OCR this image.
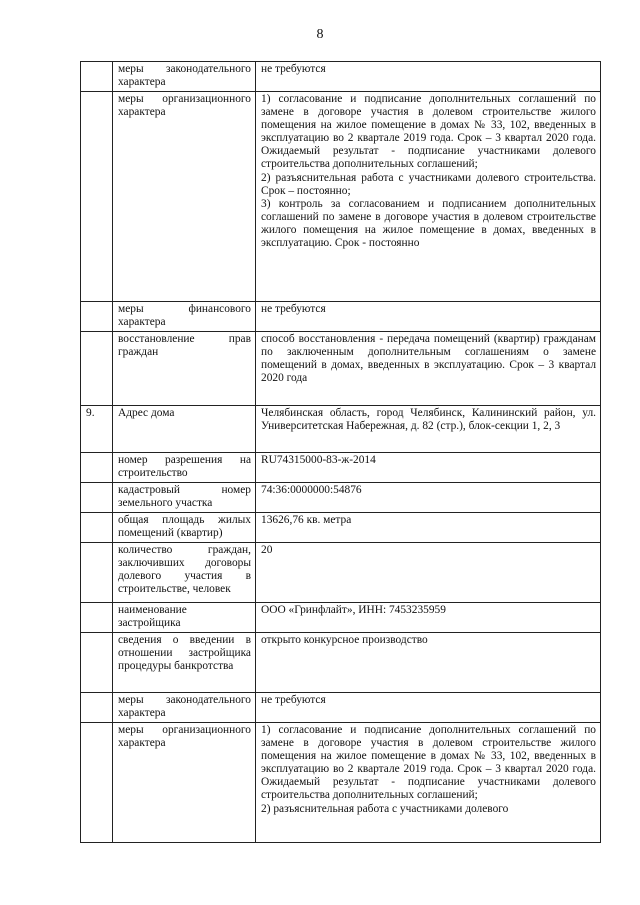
8
	меры законодательного характера	не требуются

	меры организационного характера	1) согласование и подписание дополнительных соглашений по замене в договоре участия в долевом строительстве жилого помещения на жилое помещение в домах № 33, 102, введенных в эксплуатацию во 2 квартале 2019 года. Срок – 3 квартал 2020 года. Ожидаемый результат - подписание участниками долевого строительства дополнительных соглашений;

2) разъяснительная работа с участниками долевого строительства. Срок – постоянно;

3) контроль за согласованием и подписанием дополнительных соглашений по замене в договоре участия в долевом строительстве жилого помещения на жилое помещение в домах, введенных в эксплуатацию. Срок - постоянно

	меры финансового характера	не требуются

	восстановление прав граждан	способ восстановления - передача помещений (квартир) гражданам по заключенным дополнительным соглашениям о замене помещений в домах, введенных в эксплуатацию. Срок – 3 квартал 2020 года

9.	Адрес дома	Челябинская область, город Челябинск, Калининский район, ул. Университетская Набережная, д. 82 (стр.), блок-секции 1, 2, 3

	номер разрешения на строительство	RU74315000-83-ж-2014

	кадастровый номер земельного участка	74:36:0000000:54876

	общая площадь жилых помещений (квартир)	13626,76 кв. метра

	количество граждан, заключивших договоры долевого участия в строительстве, человек	20

	наименование застройщика	ООО «Гринфлайт», ИНН: 7453235959

	сведения о введении в отношении застройщика процедуры банкротства	открыто конкурсное производство

	меры законодательного характера	не требуются

	меры организационного характера	1) согласование и подписание дополнительных соглашений по замене в договоре участия в долевом строительстве жилого помещения на жилое помещение в домах № 33, 102, введенных в эксплуатацию во 2 квартале 2019 года. Срок – 3 квартал 2020 года. Ожидаемый результат - подписание участниками долевого строительства дополнительных соглашений;

2) разъяснительная работа с участниками долевого
